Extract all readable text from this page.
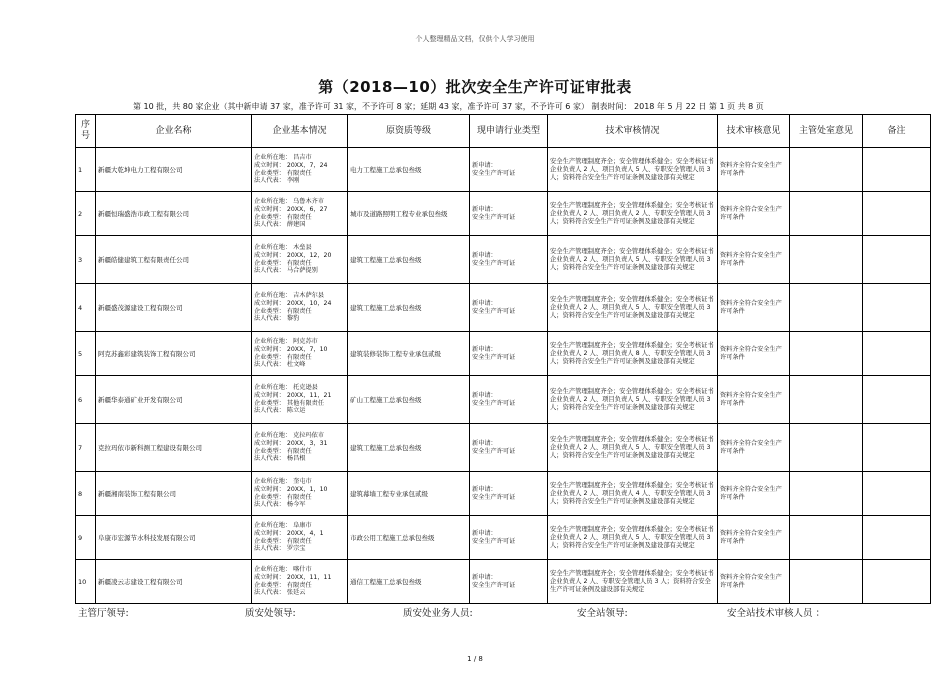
个人整理精品文档，仅供个人学习使用
第（2018—10）批次安全生产许可证审批表
第 10 批，共 80 家企业（其中新申请 37 家，准予许可 31 家，不予许可 8 家；延期 43 家，准予许可 37 家，不予许可 6 家） 制表时间： 2018 年 5 月 22 日 第 1 页 共 8 页
序号	企业名称	企业基本情况	原资质等级	现申请行业类型	技术审核情况	技术审核意见	主管处室意见	备注
1	新疆大乾坤电力工程有限公司	企业所在地： 昌吉市
成立时间： 20XX，7，24
企业类型： 有限责任
法人代表： 李刚	电力工程施工总承包叁级	新申请：
安全生产许可证	安全生产管理制度齐全；安全管理体系健全；安全考核证书企业负责人 2 人、项目负责人 5 人、专职安全管理人员 3 人；资料符合安全生产许可证条例及建设部有关规定	资料齐全符合安全生产许可条件		
2	新疆恒瑞盛浩市政工程有限公司	企业所在地： 乌鲁木齐市
成立时间： 20XX，6，27
企业类型： 有限责任
法人代表： 薛建国	城市及道路照明工程专业承包叁级	新申请：
安全生产许可证	安全生产管理制度齐全；安全管理体系健全；安全考核证书企业负责人 2 人、项目负责人 2 人、专职安全管理人员 3 人；资料符合安全生产许可证条例及建设部有关规定	资料齐全符合安全生产许可条件		
3	新疆皓健建筑工程有限责任公司	企业所在地： 木垒县
成立时间： 20XX，12，20
企业类型： 有限责任
法人代表： 马合萨提别	建筑工程施工总承包叁级	新申请：
安全生产许可证	安全生产管理制度齐全；安全管理体系健全；安全考核证书企业负责人 2 人、项目负责人 5 人、专职安全管理人员 3 人；资料符合安全生产许可证条例及建设部有关规定	资料齐全符合安全生产许可条件		
4	新疆盛茂源建设工程有限公司	企业所在地： 吉木萨尔县
成立时间： 20XX，10，24
企业类型： 有限责任
法人代表： 黎豹	建筑工程施工总承包叁级	新申请：
安全生产许可证	安全生产管理制度齐全；安全管理体系健全；安全考核证书企业负责人 2 人、项目负责人 5 人、专职安全管理人员 3 人；资料符合安全生产许可证条例及建设部有关规定	资料齐全符合安全生产许可条件		
5	阿克苏鑫彩建筑装饰工程有限公司	企业所在地： 阿克苏市
成立时间： 20XX，7，10
企业类型： 有限责任
法人代表： 杜文峰	建筑装修装饰工程专业承包贰级	新申请：
安全生产许可证	安全生产管理制度齐全；安全管理体系健全；安全考核证书企业负责人 2 人、项目负责人 8 人、专职安全管理人员 3 人；资料符合安全生产许可证条例及建设部有关规定	资料齐全符合安全生产许可条件		
6	新疆华泰通矿业开发有限公司	企业所在地： 托克逊县
成立时间： 20XX，11，21
企业类型： 其他有限责任
法人代表： 陈立运	矿山工程施工总承包叁级	新申请：
安全生产许可证	安全生产管理制度齐全；安全管理体系健全；安全考核证书企业负责人 2 人、项目负责人 5 人、专职安全管理人员 3 人；资料符合安全生产许可证条例及建设部有关规定	资料齐全符合安全生产许可条件		
7	克拉玛依市新科测工程建设有限公司	企业所在地： 克拉玛依市
成立时间： 20XX，3，31
企业类型： 有限责任
法人代表： 杨昌根	建筑工程施工总承包叁级	新申请：
安全生产许可证	安全生产管理制度齐全；安全管理体系健全；安全考核证书企业负责人 2 人、项目负责人 5 人、专职安全管理人员 3 人；资料符合安全生产许可证条例及建设部有关规定	资料齐全符合安全生产许可条件		
8	新疆湘南装饰工程有限公司	企业所在地： 奎屯市
成立时间： 20XX，1，10
企业类型： 有限责任
法人代表： 杨今军	建筑幕墙工程专业承包贰级	新申请：
安全生产许可证	安全生产管理制度齐全；安全管理体系健全；安全考核证书企业负责人 2 人、项目负责人 4 人、专职安全管理人员 3 人；资料符合安全生产许可证条例及建设部有关规定	资料齐全符合安全生产许可条件		
9	阜康市宏源节水科技发展有限公司	企业所在地： 阜康市
成立时间： 20XX，4，1
企业类型： 有限责任
法人代表： 罗宗宝	市政公用工程施工总承包叁级	新申请：
安全生产许可证	安全生产管理制度齐全；安全管理体系健全；安全考核证书企业负责人 2 人、项目负责人 5 人、专职安全管理人员 3 人；资料符合安全生产许可证条例及建设部有关规定	资料齐全符合安全生产许可条件		
10	新疆凌云志建设工程有限公司	企业所在地： 喀什市
成立时间： 20XX，11，11
企业类型： 有限责任
法人代表： 张廷云	通信工程施工总承包叁级	新申请：
安全生产许可证	安全生产管理制度齐全；安全管理体系健全；安全考核证书企业负责人 2 人、专职安全管理人员 3 人；资料符合安全生产许可证条例及建设部有关规定	资料齐全符合安全生产许可条件		
主管厅领导:	质安处领导:	质安处业务人员:	安全站领导:	安全站技术审核人员 ：
1 / 8
